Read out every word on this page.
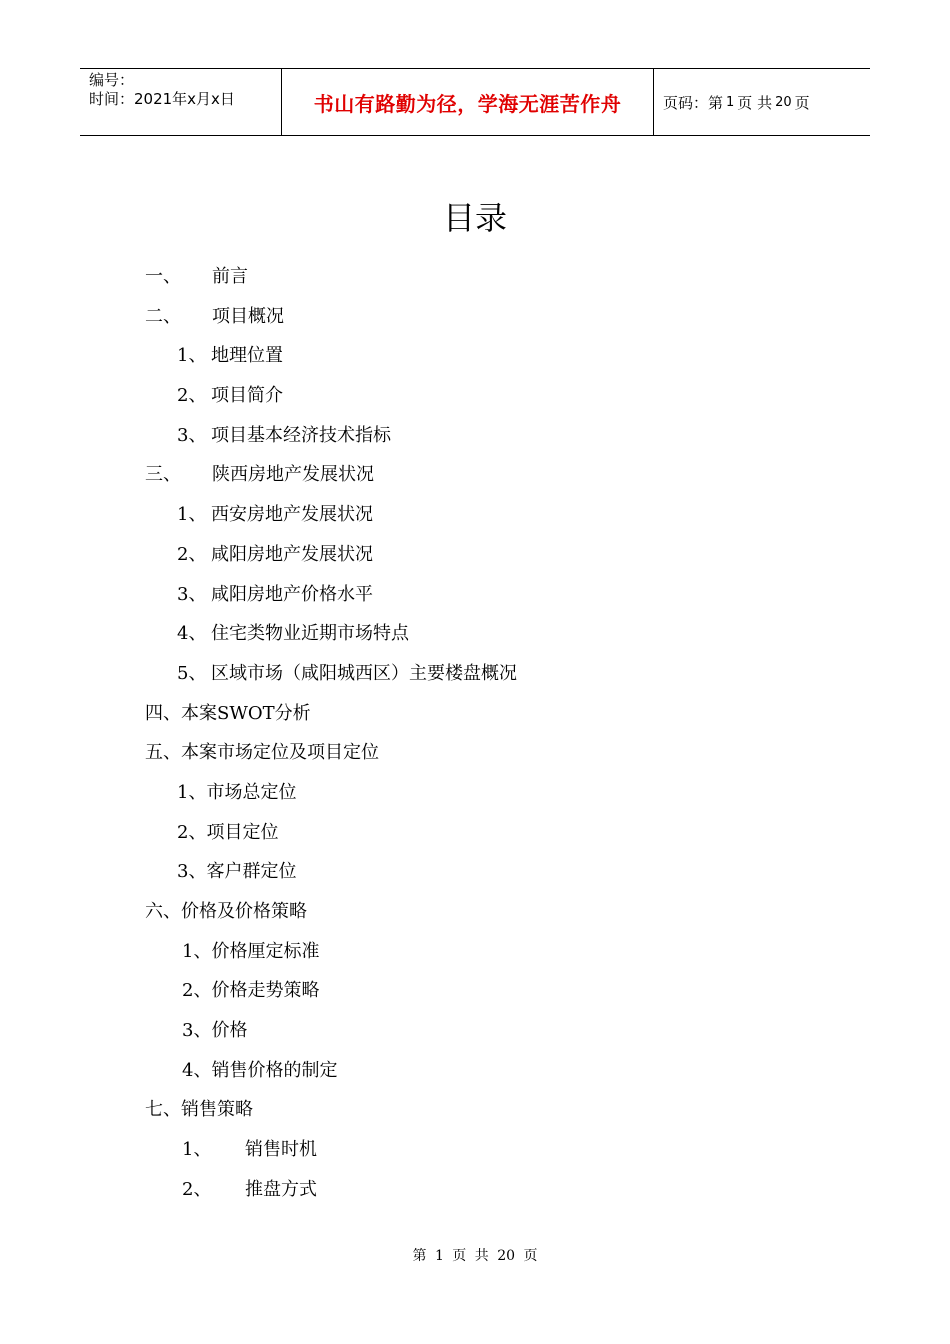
编号：
时间：2021年x月x日	书山有路勤为径，学海无涯苦作舟	页码：第 1 页 共 20 页
目录
一、	前言
二、	项目概况
1、 地理位置
2、 项目简介
3、 项目基本经济技术指标
三、	陕西房地产发展状况
1、 西安房地产发展状况
2、 咸阳房地产发展状况
3、 咸阳房地产价格水平
4、 住宅类物业近期市场特点
5、 区域市场（咸阳城西区）主要楼盘概况
四、本案SWOT分析
五、本案市场定位及项目定位
1、市场总定位
2、项目定位
3、客户群定位
六、价格及价格策略
1、价格厘定标准
2、价格走势策略
3、价格
4、销售价格的制定
七、销售策略
1、	销售时机
2、	推盘方式
第 1 页 共 20 页
